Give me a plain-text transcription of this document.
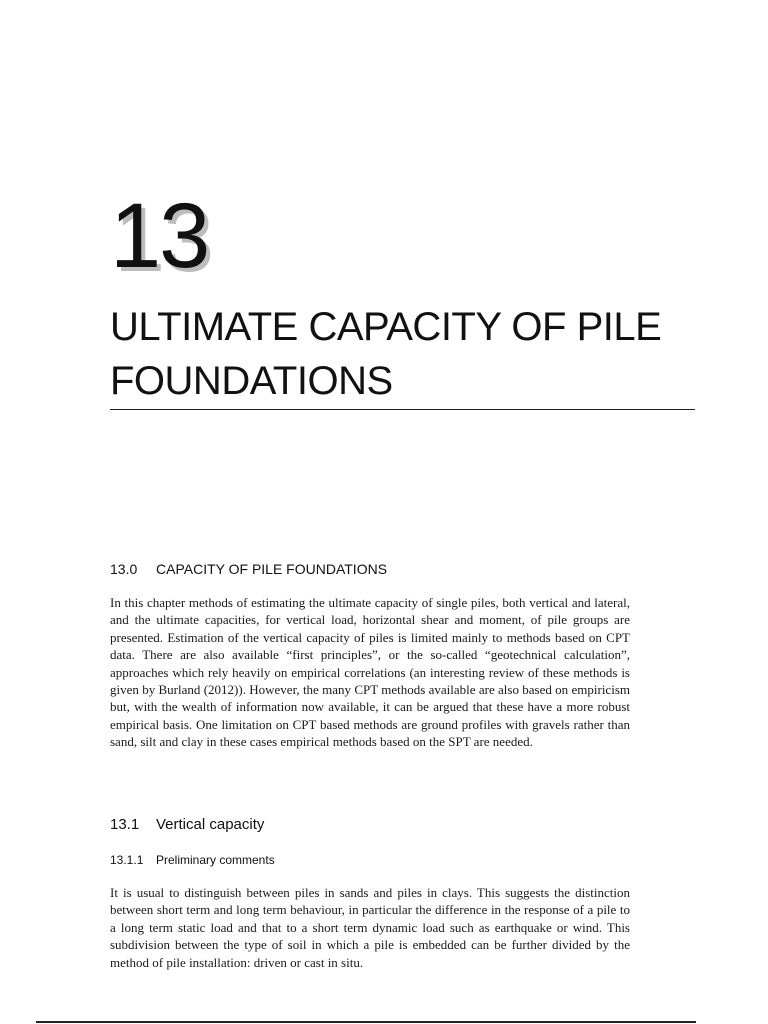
13
ULTIMATE CAPACITY OF PILE FOUNDATIONS
13.0 CAPACITY OF PILE FOUNDATIONS

In this chapter methods of estimating the ultimate capacity of single piles, both vertical and lateral, and the ultimate capacities, for vertical load, horizontal shear and moment, of pile groups are presented. Estimation of the vertical capacity of piles is limited mainly to methods based on CPT data. There are also available “first principles”, or the so-called “geotechnical calculation”, approaches which rely heavily on empirical correlations (an interesting review of these methods is given by Burland (2012)). However, the many CPT methods available are also based on empiricism but, with the wealth of information now available, it can be argued that these have a more robust empirical basis. One limitation on CPT based methods are ground profiles with gravels rather than sand, silt and clay in these cases empirical methods based on the SPT are needed.

13.1 Vertical capacity
13.1.1 Preliminary comments

It is usual to distinguish between piles in sands and piles in clays. This suggests the distinction between short term and long term behaviour, in particular the difference in the response of a pile to a long term static load and that to a short term dynamic load such as earthquake or wind. This subdivision between the type of soil in which a pile is embedded can be further divided by the method of pile installation: driven or cast in situ.
